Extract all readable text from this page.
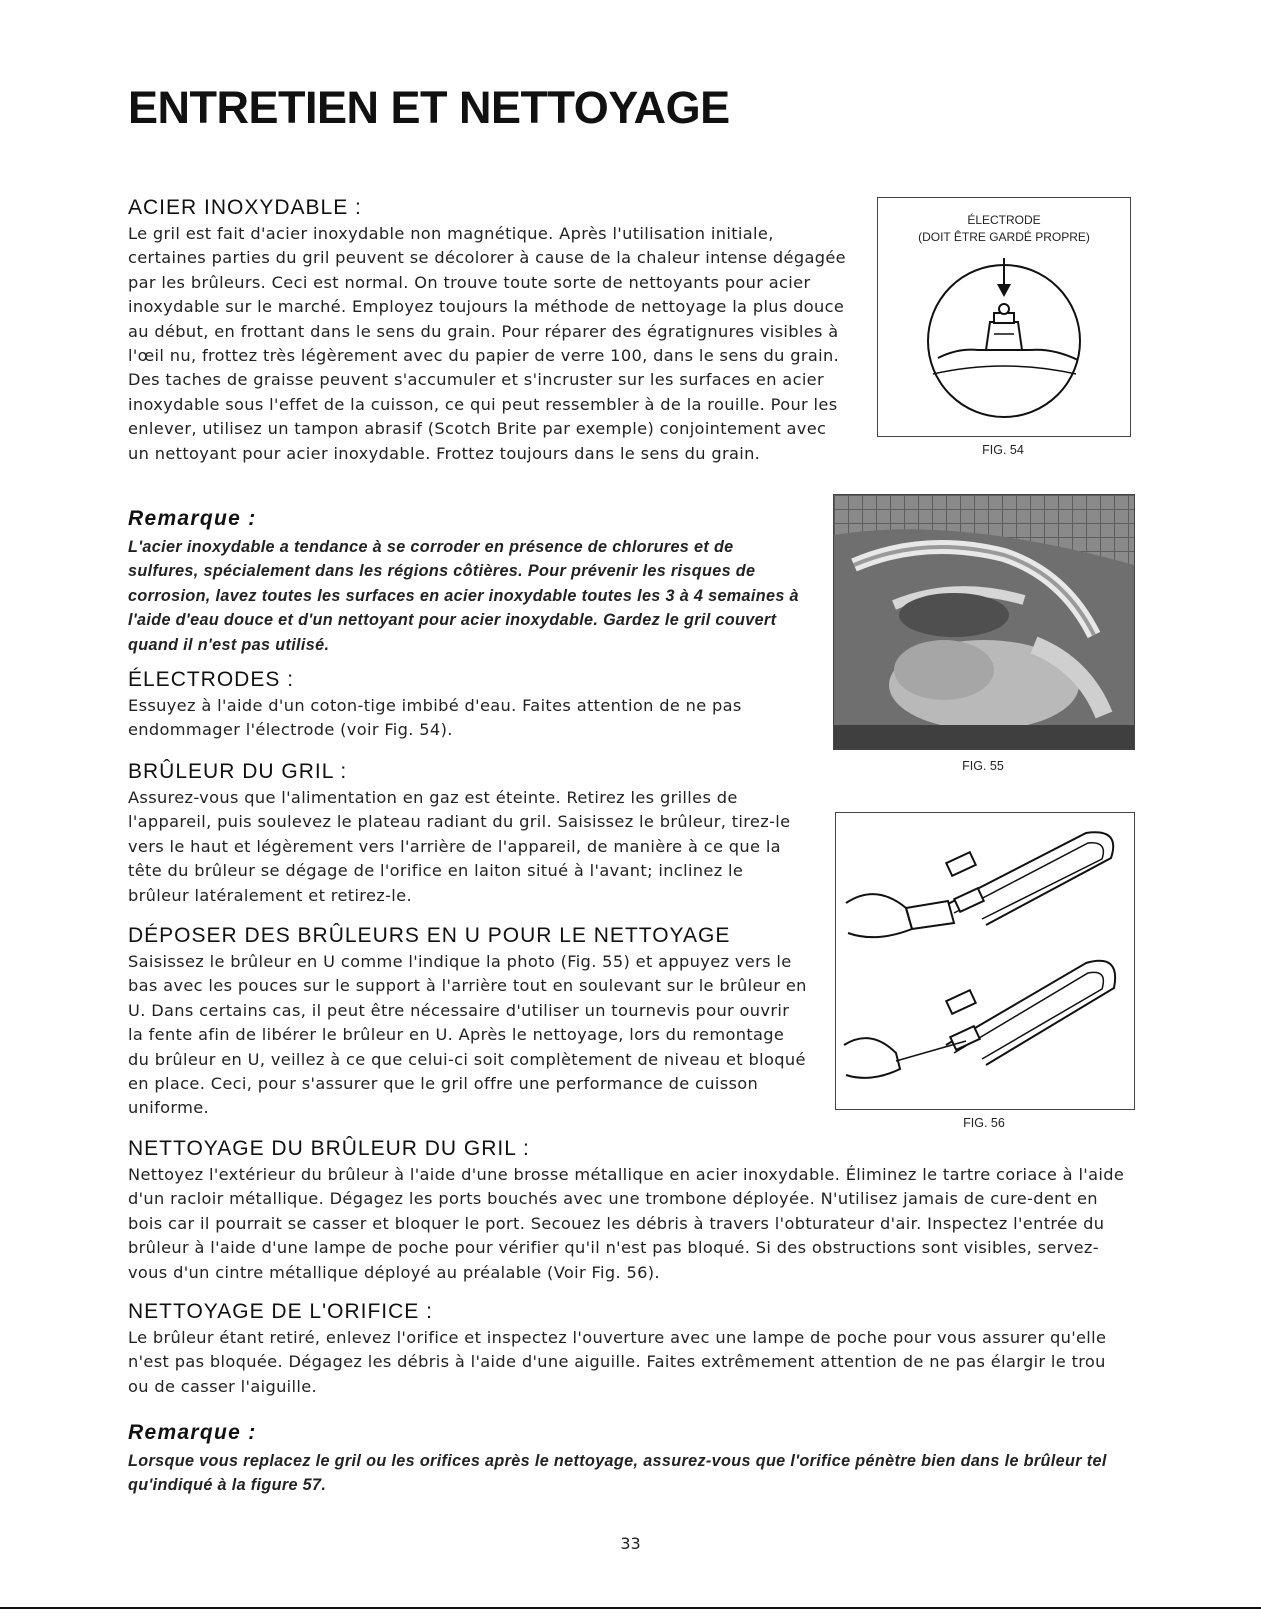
ENTRETIEN ET NETTOYAGE
ACIER INOXYDABLE :

Le gril est fait d'acier inoxydable non magnétique. Après l'utilisation initiale, certaines parties du gril peuvent se décolorer à cause de la chaleur intense dégagée par les brûleurs. Ceci est normal. On trouve toute sorte de nettoyants pour acier inoxydable sur le marché. Employez toujours la méthode de nettoyage la plus douce au début, en frottant dans le sens du grain. Pour réparer des égratignures visibles à l'œil nu, frottez très légèrement avec du papier de verre 100, dans le sens du grain. Des taches de graisse peuvent s'accumuler et s'incruster sur les surfaces en acier inoxydable sous l'effet de la cuisson, ce qui peut ressembler à de la rouille. Pour les enlever, utilisez un tampon abrasif (Scotch Brite par exemple) conjointement avec un nettoyant pour acier inoxydable. Frottez toujours dans le sens du grain.

Remarque :

L'acier inoxydable a tendance à se corroder en présence de chlorures et de sulfures, spécialement dans les régions côtières. Pour prévenir les risques de corrosion, lavez toutes les surfaces en acier inoxydable toutes les 3 à 4 semaines à l'aide d'eau douce et d'un nettoyant pour acier inoxydable. Gardez le gril couvert quand il n'est pas utilisé.

ÉLECTRODES :

Essuyez à l'aide d'un coton-tige imbibé d'eau. Faites attention de ne pas endommager l'électrode (voir Fig. 54).

BRÛLEUR DU GRIL :

Assurez-vous que l'alimentation en gaz est éteinte. Retirez les grilles de l'appareil, puis soulevez le plateau radiant du gril. Saisissez le brûleur, tirez-le vers le haut et légèrement vers l'arrière de l'appareil, de manière à ce que la tête du brûleur se dégage de l'orifice en laiton situé à l'avant; inclinez le brûleur latéralement et retirez-le.

DÉPOSER DES BRÛLEURS EN U POUR LE NETTOYAGE

Saisissez le brûleur en U comme l'indique la photo (Fig. 55) et appuyez vers le bas avec les pouces sur le support à l'arrière tout en soulevant sur le brûleur en U. Dans certains cas, il peut être nécessaire d'utiliser un tournevis pour ouvrir la fente afin de libérer le brûleur en U. Après le nettoyage, lors du remontage du brûleur en U, veillez à ce que celui-ci soit complètement de niveau et bloqué en place. Ceci, pour s'assurer que le gril offre une performance de cuisson uniforme.

NETTOYAGE DU BRÛLEUR DU GRIL :

Nettoyez l'extérieur du brûleur à l'aide d'une brosse métallique en acier inoxydable. Éliminez le tartre coriace à l'aide d'un racloir métallique. Dégagez les ports bouchés avec une trombone déployée. N'utilisez jamais de cure-dent en bois car il pourrait se casser et bloquer le port. Secouez les débris à travers l'obturateur d'air. Inspectez l'entrée du brûleur à l'aide d'une lampe de poche pour vérifier qu'il n'est pas bloqué. Si des obstructions sont visibles, servez-vous d'un cintre métallique déployé au préalable (Voir Fig. 56).

NETTOYAGE DE L'ORIFICE :

Le brûleur étant retiré, enlevez l'orifice et inspectez l'ouverture avec une lampe de poche pour vous assurer qu'elle n'est pas bloquée. Dégagez les débris à l'aide d'une aiguille. Faites extrêmement attention de ne pas élargir le trou ou de casser l'aiguille.

Remarque :

Lorsque vous replacez le gril ou les orifices après le nettoyage, assurez-vous que l'orifice pénètre bien dans le brûleur tel qu'indiqué à la figure 57.

ÉLECTRODE
(DOIT ÊTRE GARDÉ PROPRE)
FIG. 54
FIG. 55
FIG. 56
33
